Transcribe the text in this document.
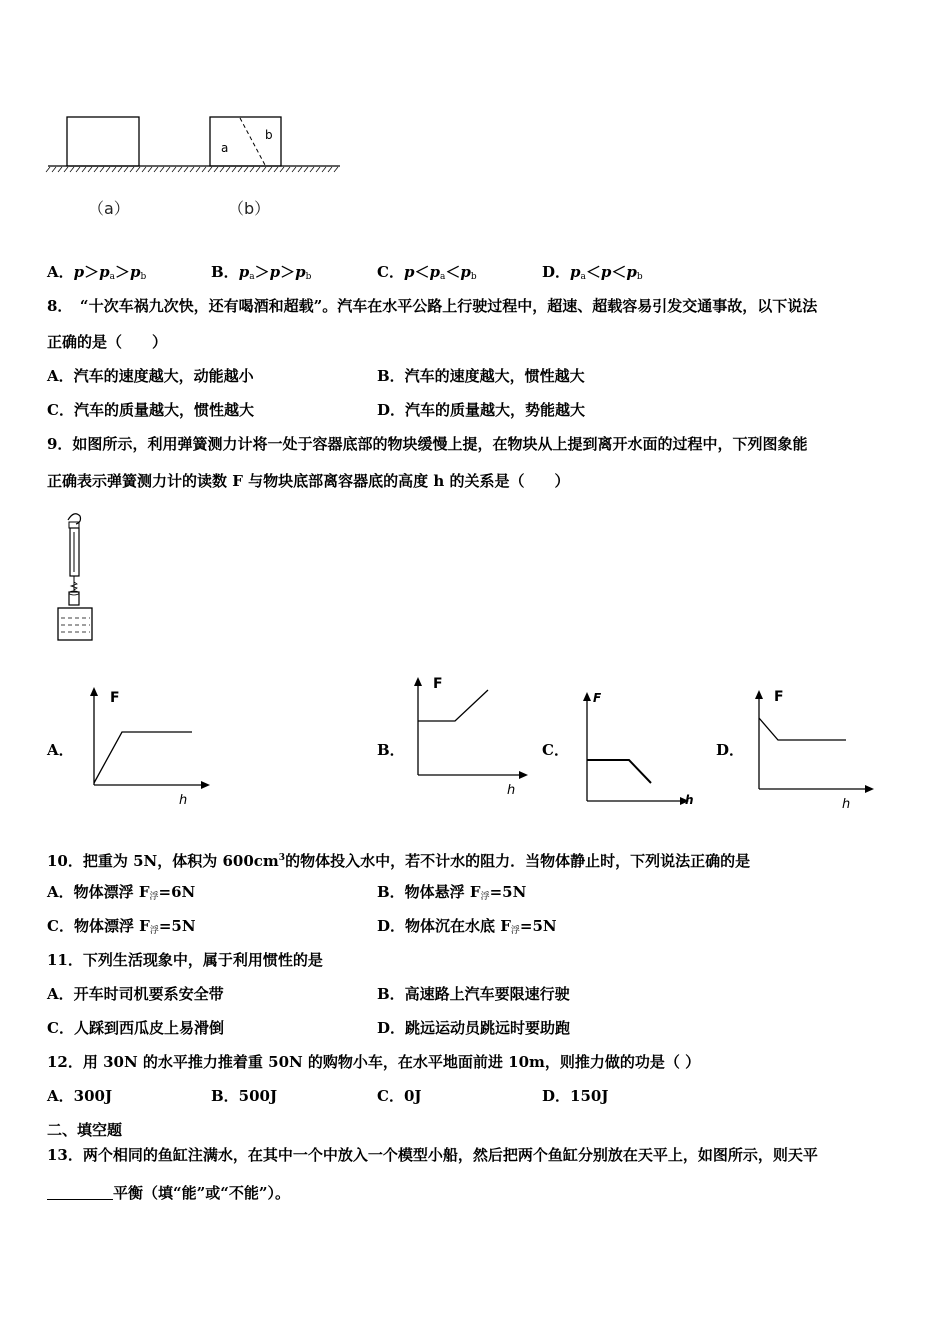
a
b
（a）	（b）
A．$p>p_a>p_b$	B．$p_a>p>p_b$	C．$p<p_a<p_b$	D．$p_a<p<p_b$
8．　“十次车祸九次快，还有喝酒和超载”。汽车在水平公路上行驶过程中，超速、超载容易引发交通事故，以下说法
正确的是（　　）
A．汽车的速度越大，动能越小	B．汽车的速度越大，惯性越大
C．汽车的质量越大，惯性越大	D．汽车的质量越大，势能越大
9．如图所示，利用弹簧测力计将一处于容器底部的物块缓慢上提，在物块从上提到离开水面的过程中，下列图象能
正确表示弹簧测力计的读数 F 与物块底部离容器底的高度 h 的关系是（　　）
A．	B．	C．	D．
F
h
F
h
F
h
F
h
10．把重为 5N，体积为 $600cm^3$的物体投入水中，若不计水的阻力．当物体静止时，下列说法正确的是
A．物体漂浮 $F_浮=6N$	B．物体悬浮 $F_浮=5N$
C．物体漂浮 $F_浮=5N$	D．物体沉在水底 $F_浮=5N$
11．下列生活现象中，属于利用惯性的是
A．开车时司机要系安全带	B．高速路上汽车要限速行驶
C．人踩到西瓜皮上易滑倒	D．跳远运动员跳远时要助跑
12．用 30N 的水平推力推着重 50N 的购物小车，在水平地面前进 10m，则推力做的功是（ ）
A．300J	B．500J	C．0J	D．150J
二、填空题
13．两个相同的鱼缸注满水，在其中一个中放入一个模型小船，然后把两个鱼缸分别放在天平上，如图所示，则天平
平衡（填“能”或“不能”）。
